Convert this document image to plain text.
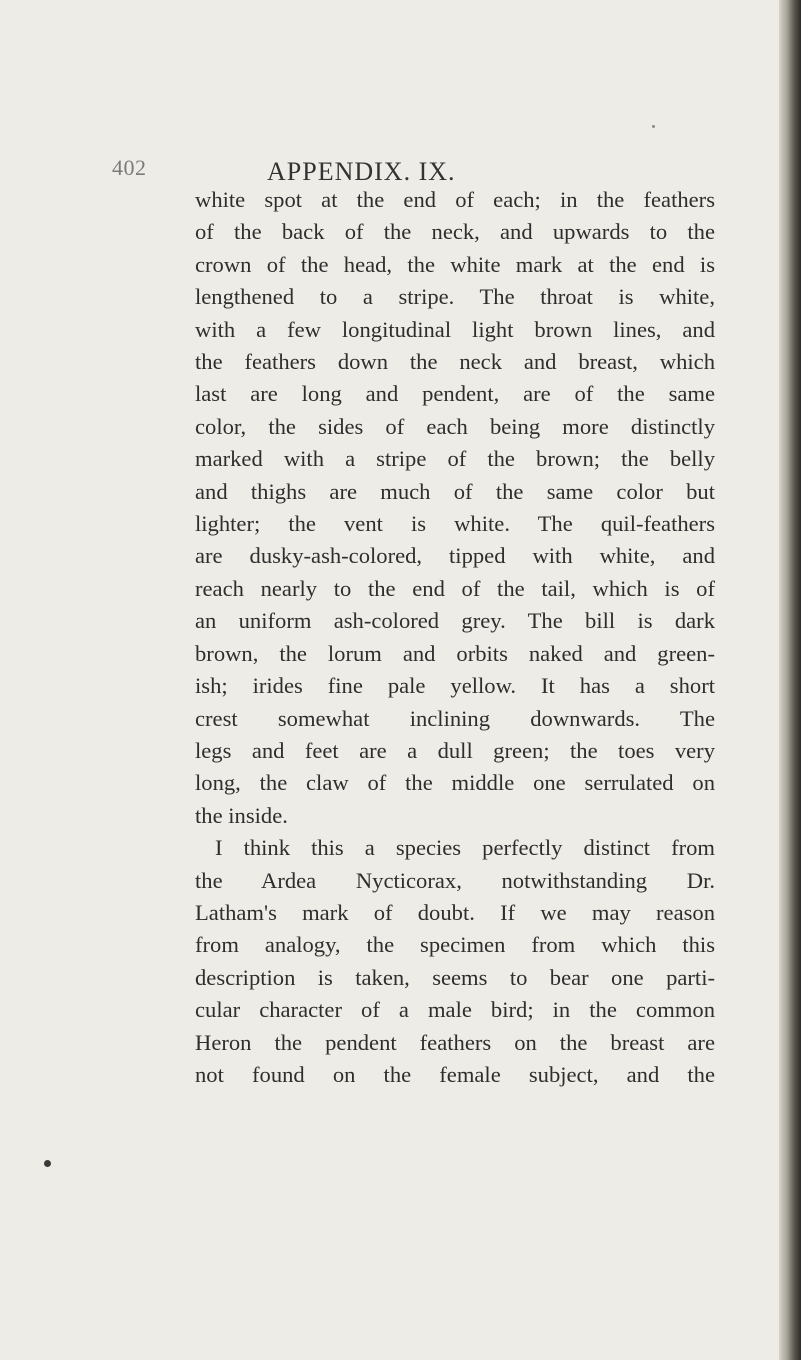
402	APPENDIX. IX.
white spot at the end of each; in the feathers
of the back of the neck, and upwards to the
crown of the head, the white mark at the end is
lengthened to a stripe. The throat is white,
with a few longitudinal light brown lines, and
the feathers down the neck and breast, which
last are long and pendent, are of the same
color, the sides of each being more distinctly
marked with a stripe of the brown; the belly
and thighs are much of the same color but
lighter; the vent is white. The quil-feathers
are dusky-ash-colored, tipped with white, and
reach nearly to the end of the tail, which is of
an uniform ash-colored grey. The bill is dark
brown, the lorum and orbits naked and green-
ish; irides fine pale yellow. It has a short
crest somewhat inclining downwards. The
legs and feet are a dull green; the toes very
long, the claw of the middle one serrulated on
the inside.
I think this a species perfectly distinct from
the Ardea Nycticorax, notwithstanding Dr.
Latham's mark of doubt. If we may reason
from analogy, the specimen from which this
description is taken, seems to bear one parti-
cular character of a male bird; in the common
Heron the pendent feathers on the breast are
not found on the female subject, and the
